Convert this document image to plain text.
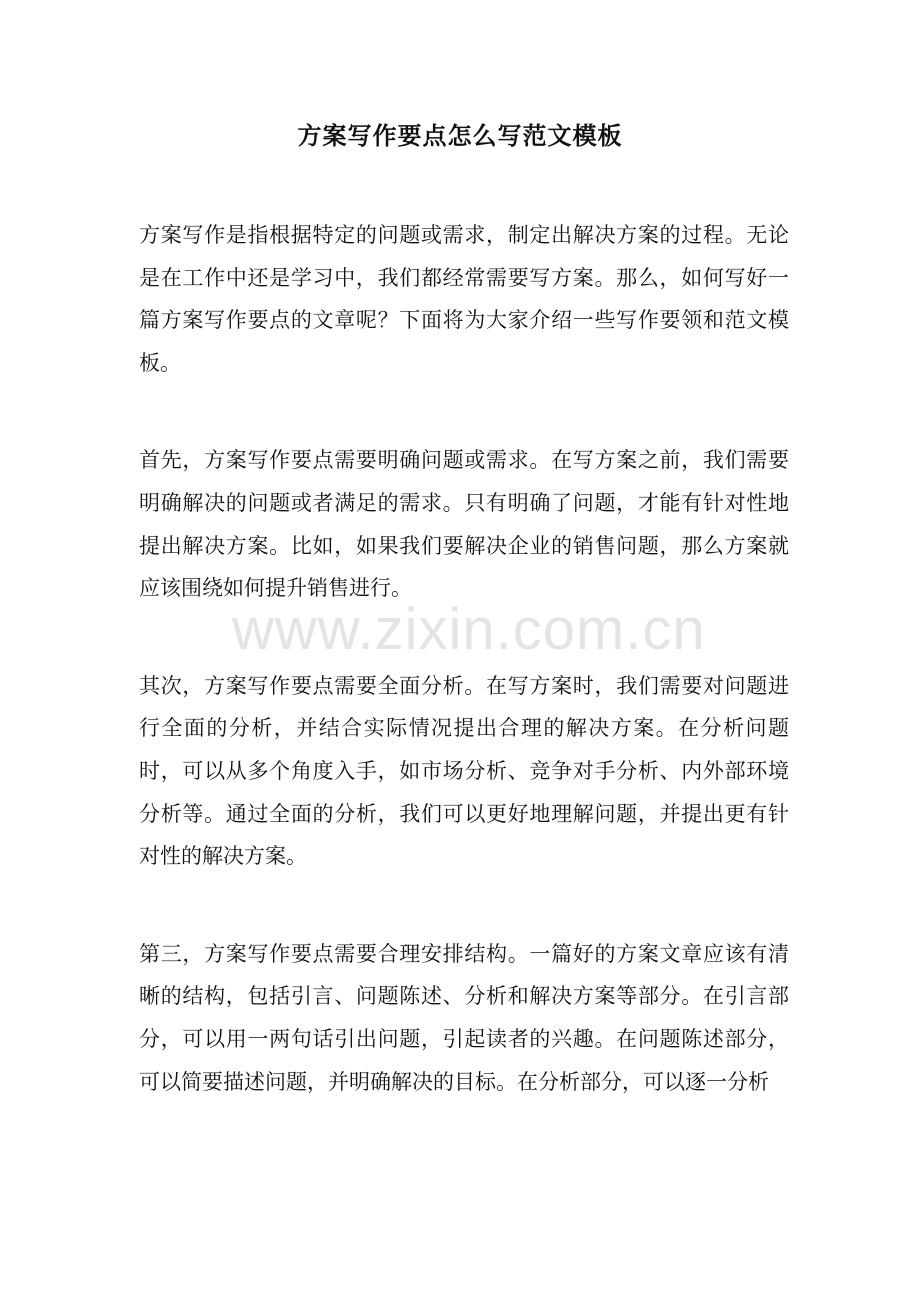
方案写作要点怎么写范文模板

方案写作是指根据特定的问题或需求，制定出解决方案的过程。无论是在工作中还是学习中，我们都经常需要写方案。那么，如何写好一篇方案写作要点的文章呢？下面将为大家介绍一些写作要领和范文模板。

首先，方案写作要点需要明确问题或需求。在写方案之前，我们需要明确解决的问题或者满足的需求。只有明确了问题，才能有针对性地提出解决方案。比如，如果我们要解决企业的销售问题，那么方案就应该围绕如何提升销售进行。

其次，方案写作要点需要全面分析。在写方案时，我们需要对问题进行全面的分析，并结合实际情况提出合理的解决方案。在分析问题时，可以从多个角度入手，如市场分析、竞争对手分析、内外部环境分析等。通过全面的分析，我们可以更好地理解问题，并提出更有针对性的解决方案。

第三，方案写作要点需要合理安排结构。一篇好的方案文章应该有清晰的结构，包括引言、问题陈述、分析和解决方案等部分。在引言部分，可以用一两句话引出问题，引起读者的兴趣。在问题陈述部分，可以简要描述问题，并明确解决的目标。在分析部分，可以逐一分析

www.zixin.com.cn
